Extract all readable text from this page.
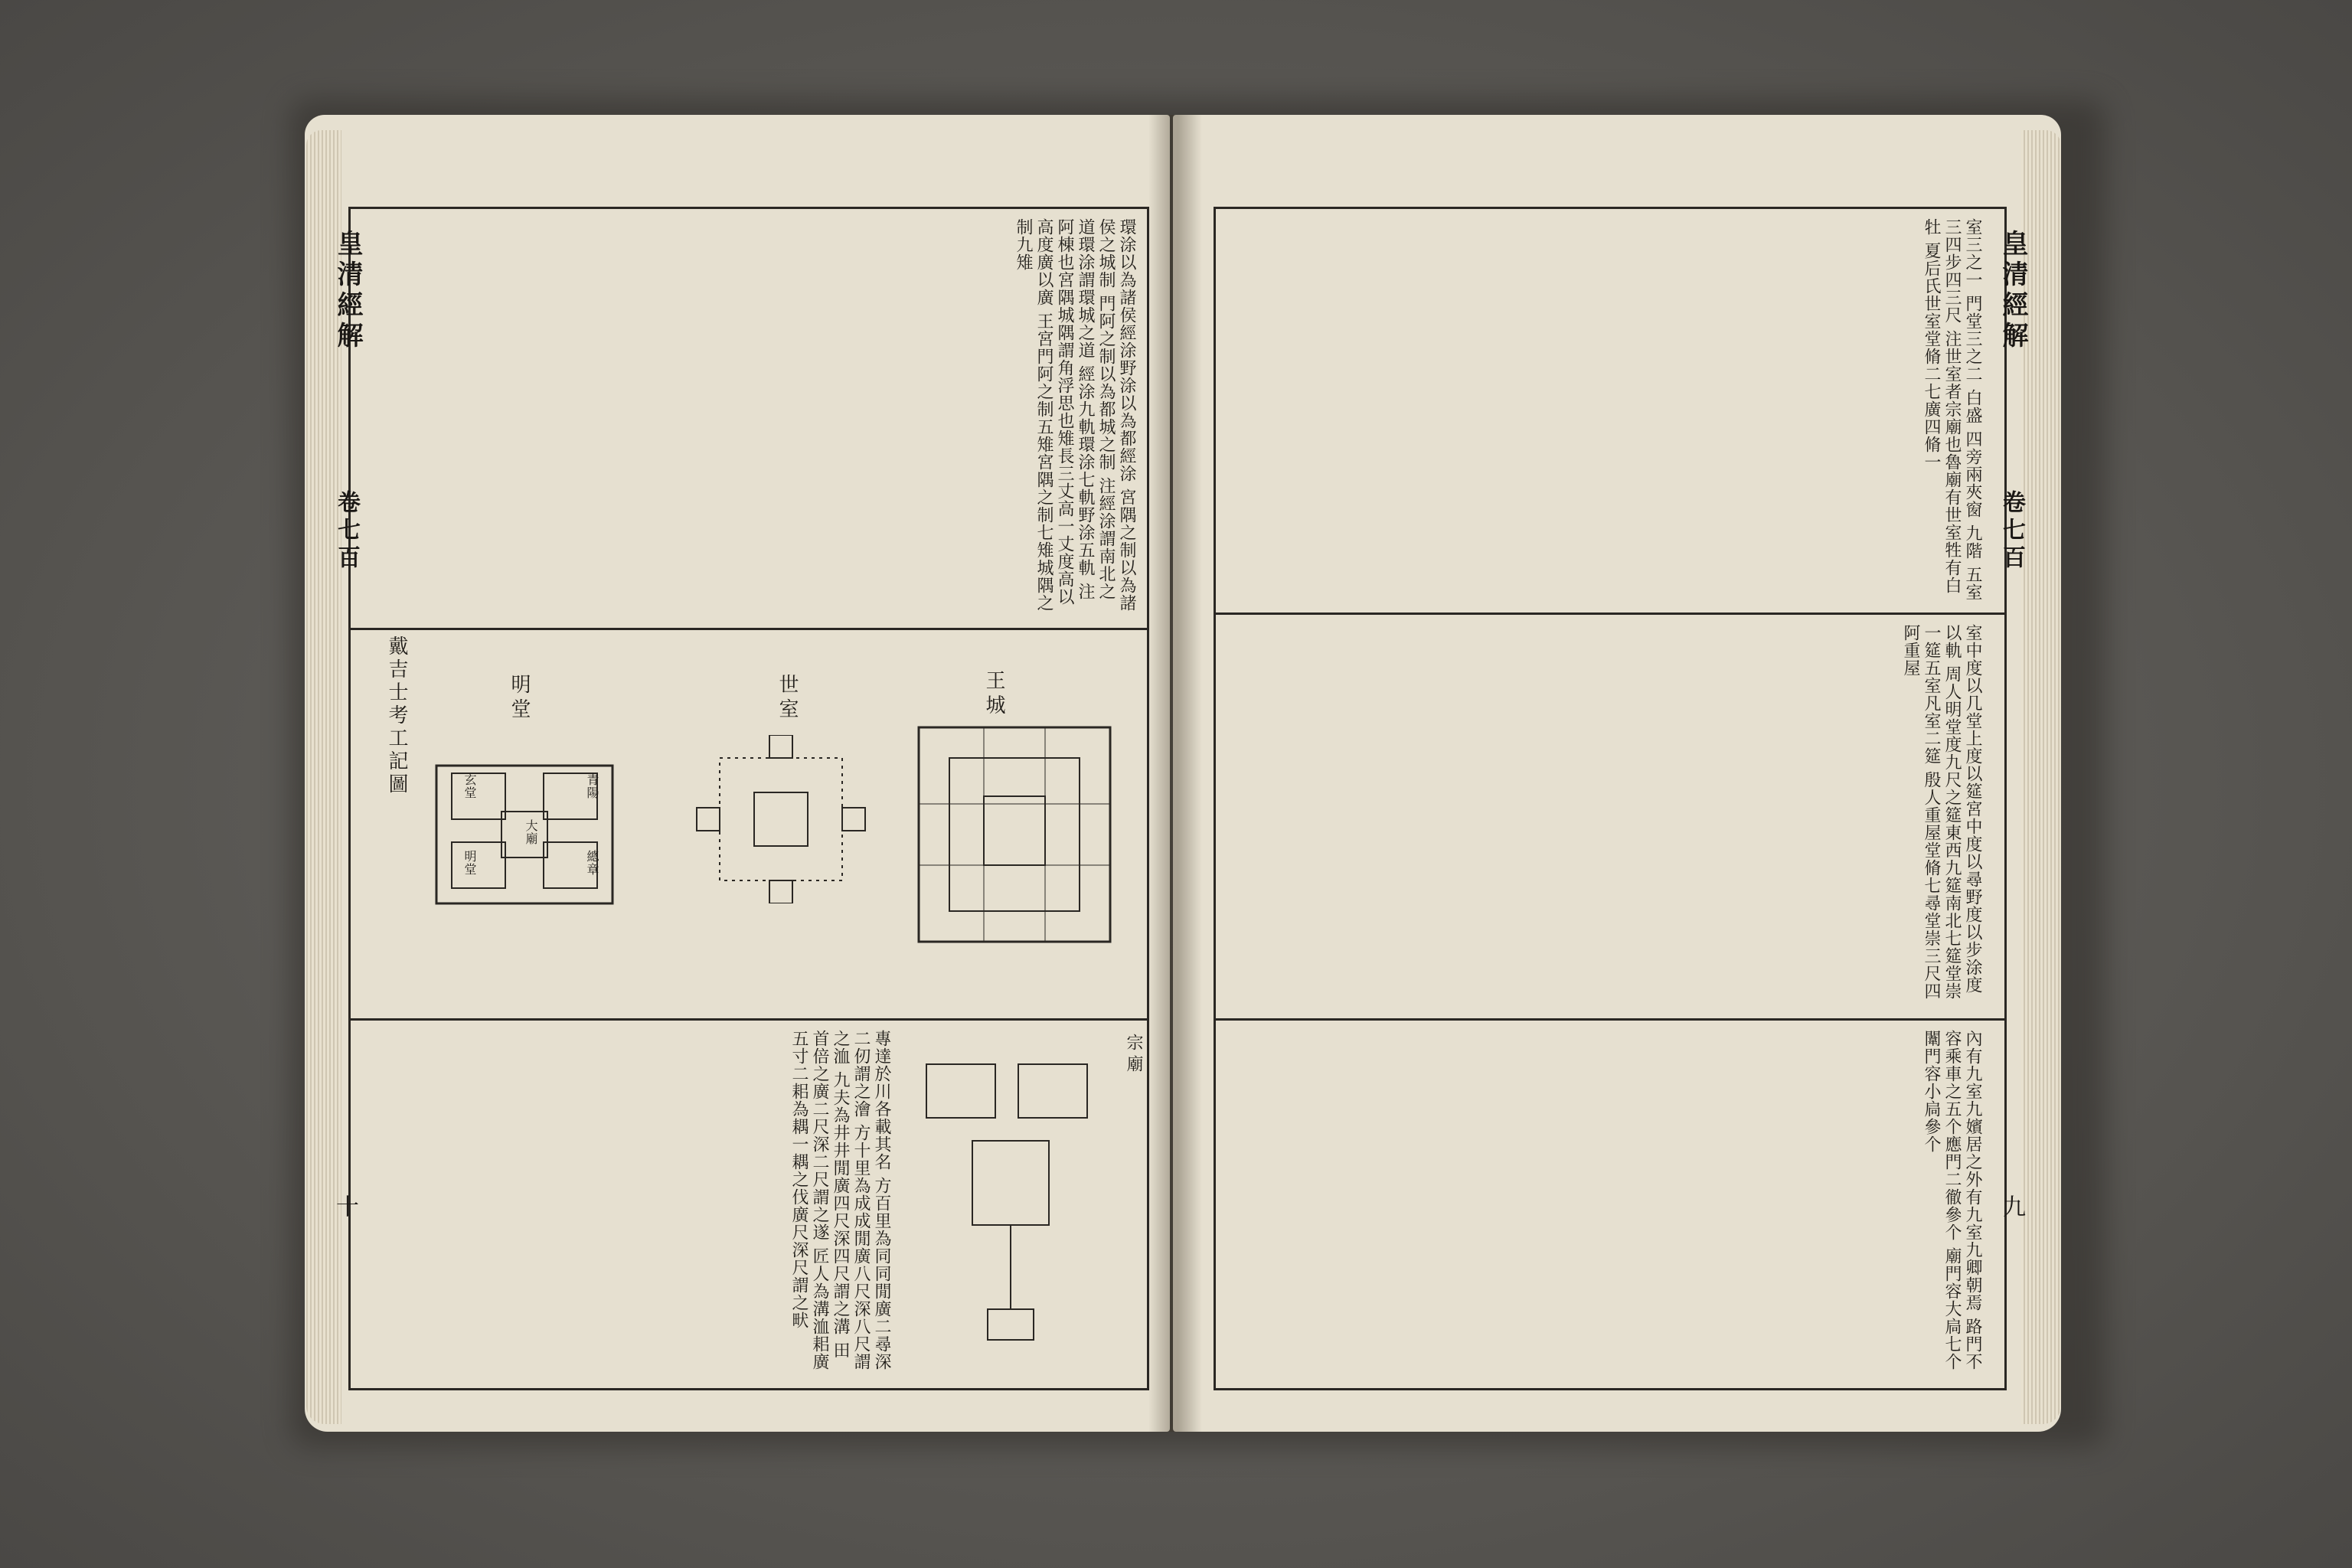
皇清經解
卷七百
十
戴吉士考工記圖
環涂以為諸侯經涂野涂以為都經涂 宮隅之制以為諸侯之城制 門阿之制以為都城之制 注經涂謂南北之道環涂謂環城之道 經涂九軌環涂七軌野涂五軌 注阿棟也宮隅城隅謂角浮思也雉長三丈高一丈度高以高度廣以廣 王宮門阿之制五雉宮隅之制七雉城隅之制九雉
明堂
玄堂
大廟
青陽
明堂	總章
世室	王城
宗廟
專達於川各載其名 方百里為同同閒廣二尋深二仞謂之澮 方十里為成成閒廣八尺深八尺謂之洫 九夫為井井閒廣四尺深四尺謂之溝 田首倍之廣二尺深二尺謂之遂 匠人為溝洫耜廣五寸二耜為耦一耦之伐廣尺深尺謂之畎
皇清經解
卷七百
九
室三之一 門堂三之二 白盛 四旁兩夾窗 九階 五室三四步四三尺 注世室者宗廟也魯廟有世室牲有白牡 夏后氏世室堂脩二七廣四脩一
室中度以几堂上度以筵宮中度以尋野度以步涂度以軌 周人明堂度九尺之筵東西九筵南北七筵堂崇一筵五室凡室二筵 殷人重屋堂脩七尋堂崇三尺四阿重屋
內有九室九嬪居之外有九室九卿朝焉 路門不容乘車之五个應門二徹參个 廟門容大扃七个闈門容小扃參个
